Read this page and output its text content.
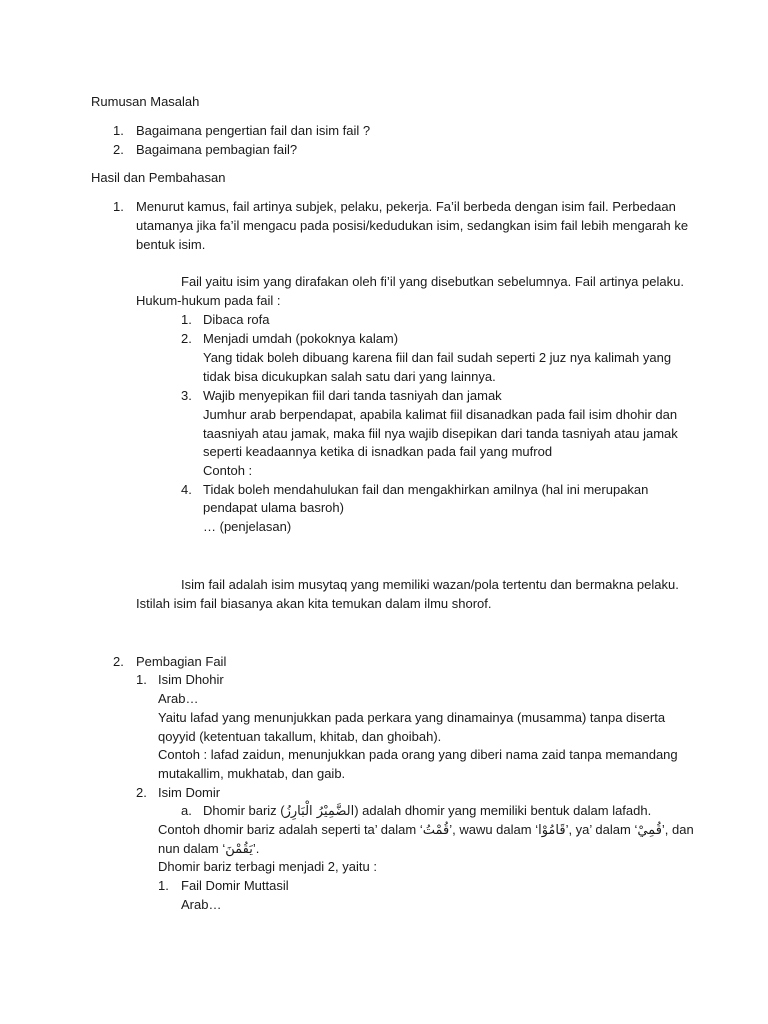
Rumusan Masalah
1. Bagaimana pengertian fail dan isim fail ?
2. Bagaimana pembagian fail?
Hasil dan Pembahasan
1. Menurut kamus, fail artinya subjek, pelaku, pekerja. Fa’il berbeda dengan isim fail. Perbedaan
utamanya jika fa’il mengacu pada posisi/kedudukan isim, sedangkan isim fail lebih mengarah ke
bentuk isim.
Fail yaitu isim yang dirafakan oleh fi’il yang disebutkan sebelumnya. Fail artinya pelaku.
Hukum-hukum pada fail :
1. Dibaca rofa
2. Menjadi umdah (pokoknya kalam)
Yang tidak boleh dibuang karena fiil dan fail sudah seperti 2 juz nya kalimah yang
tidak bisa dicukupkan salah satu dari yang lainnya.
3. Wajib menyepikan fiil dari tanda tasniyah dan jamak
Jumhur arab berpendapat, apabila kalimat fiil disanadkan pada fail isim dhohir dan
taasniyah atau jamak, maka fiil nya wajib disepikan dari tanda tasniyah atau jamak
seperti keadaannya ketika di isnadkan pada fail yang mufrod
Contoh :
4. Tidak boleh mendahulukan fail dan mengakhirkan amilnya (hal ini merupakan
pendapat ulama basroh)
… (penjelasan)
Isim fail adalah isim musytaq yang memiliki wazan/pola tertentu dan bermakna pelaku.
Istilah isim fail biasanya akan kita temukan dalam ilmu shorof.
2. Pembagian Fail
1. Isim Dhohir
Arab…
Yaitu lafad yang menunjukkan pada perkara yang dinamainya (musamma) tanpa diserta
qoyyid (ketentuan takallum, khitab, dan ghoibah).
Contoh : lafad zaidun, menunjukkan pada orang yang diberi nama zaid tanpa memandang
mutakallim, mukhatab, dan gaib.
2. Isim Domir
a. Dhomir bariz (الضَّمِيْرُ الْبَارِزُ) adalah dhomir yang memiliki bentuk dalam lafadh.
Contoh dhomir bariz adalah seperti ta’ dalam ‘قُمْتُ’, wawu dalam ‘قَامُوْا’, ya’ dalam ‘قُمِيْ’, dan
nun dalam ‘يَقُمْنَ’.
Dhomir bariz terbagi menjadi 2, yaitu :
1. Fail Domir Muttasil
Arab…
